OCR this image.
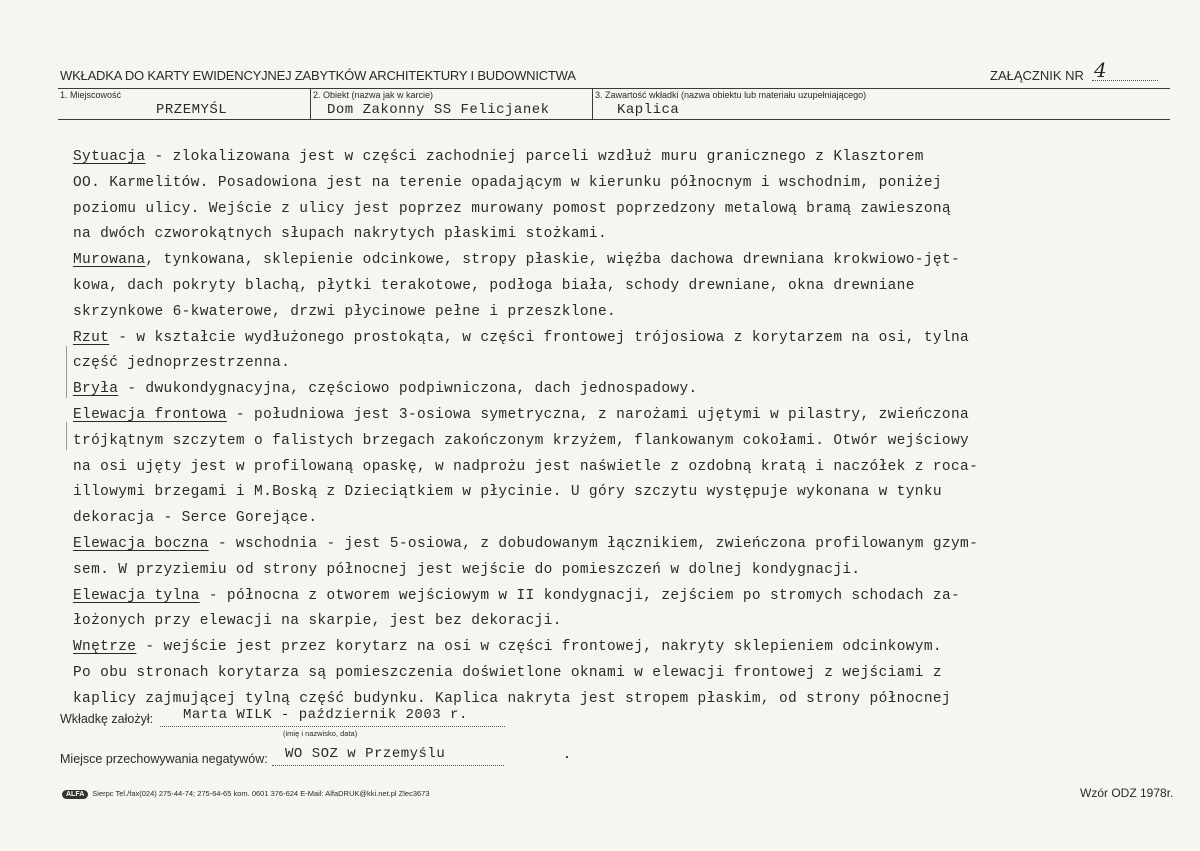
WKŁADKA DO KARTY EWIDENCYJNEJ ZABYTKÓW ARCHITEKTURY I BUDOWNICTWA	ZAŁĄCZNIK NR 4
1. Miejscowość
PRZEMYŚL
2. Obiekt (nazwa jak w karcie)
Dom Zakonny SS Felicjanek
3. Zawartość wkładki (nazwa obiektu lub materiału uzupełniającego)
Kaplica

Sytuacja - zlokalizowana jest w części zachodniej parceli wzdłuż muru granicznego z Klasztorem
OO. Karmelitów. Posadowiona jest na terenie opadającym w kierunku północnym i wschodnim, poniżej
poziomu ulicy. Wejście z ulicy jest poprzez murowany pomost poprzedzony metalową bramą zawieszoną
na dwóch czworokątnych słupach nakrytych płaskimi stożkami.

Murowana, tynkowana, sklepienie odcinkowe, stropy płaskie, więźba dachowa drewniana krokwiowo-jęt-
kowa, dach pokryty blachą, płytki terakotowe, podłoga biała, schody drewniane, okna drewniane
skrzynkowe 6-kwaterowe, drzwi płycinowe pełne i przeszklone.

Rzut - w kształcie wydłużonego prostokąta, w części frontowej trójosiowa z korytarzem na osi, tylna
część jednoprzestrzenna.

Bryła - dwukondygnacyjna, częściowo podpiwniczona, dach jednospadowy.

Elewacja frontowa - południowa jest 3-osiowa symetryczna, z narożami ujętymi w pilastry, zwieńczona
trójkątnym szczytem o falistych brzegach zakończonym krzyżem, flankowanym cokołami. Otwór wejściowy
na osi ujęty jest w profilowaną opaskę, w nadprożu jest naświetle z ozdobną kratą i naczółek z roca-
illowymi brzegami i M.Boską z Dzieciątkiem w płycinie. U góry szczytu występuje wykonana w tynku
dekoracja - Serce Gorejące.

Elewacja boczna - wschodnia - jest 5-osiowa, z dobudowanym łącznikiem, zwieńczona profilowanym gzym-
sem. W przyziemiu od strony północnej jest wejście do pomieszczeń w dolnej kondygnacji.

Elewacja tylna - północna z otworem wejściowym w II kondygnacji, zejściem po stromych schodach za-
łożonych przy elewacji na skarpie, jest bez dekoracji.

Wnętrze - wejście jest przez korytarz na osi w części frontowej, nakryty sklepieniem odcinkowym.
Po obu stronach korytarza są pomieszczenia doświetlone oknami w elewacji frontowej z wejściami z
kaplicy zajmującej tylną część budynku. Kaplica nakryta jest stropem płaskim, od strony północnej

Wkładkę założył: Marta WILK - październik 2003 r.
(imię i nazwisko, data)
Miejsce przechowywania negatywów: WO SOZ w Przemyślu
ALFA Sierpc Tel./fax(024) 275-44-74; 275-64-65 kom. 0601 376-624 E-Mail: AlfaDRUK@kki.net.pl Zlec3673	Wzór ODZ 1978r.
